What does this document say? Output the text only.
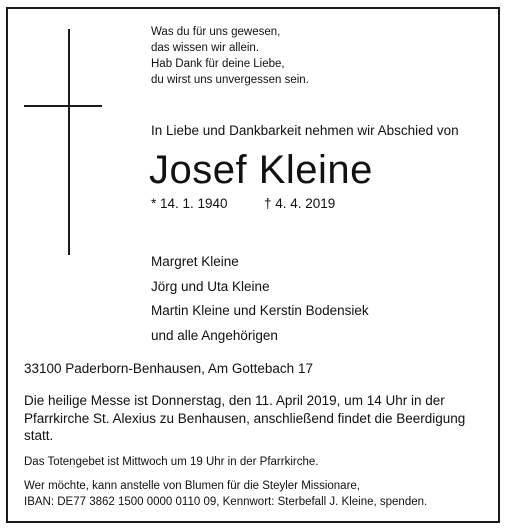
Was du für uns gewesen,
das wissen wir allein.
Hab Dank für deine Liebe,
du wirst uns unvergessen sein.
In Liebe und Dankbarkeit nehmen wir Abschied von
Josef Kleine
* 14. 1. 1940	† 4. 4. 2019
Margret Kleine
Jörg und Uta Kleine
Martin Kleine und Kerstin Bodensiek
und alle Angehörigen
33100 Paderborn-Benhausen, Am Gottebach 17
Die heilige Messe ist Donnerstag, den 11. April 2019, um 14 Uhr in der
Pfarrkirche St. Alexius zu Benhausen, anschließend findet die Beerdigung
statt.
Das Totengebet ist Mittwoch um 19 Uhr in der Pfarrkirche.
Wer möchte, kann anstelle von Blumen für die Steyler Missionare,
IBAN: DE77 3862 1500 0000 0110 09, Kennwort: Sterbefall J. Kleine, spenden.
